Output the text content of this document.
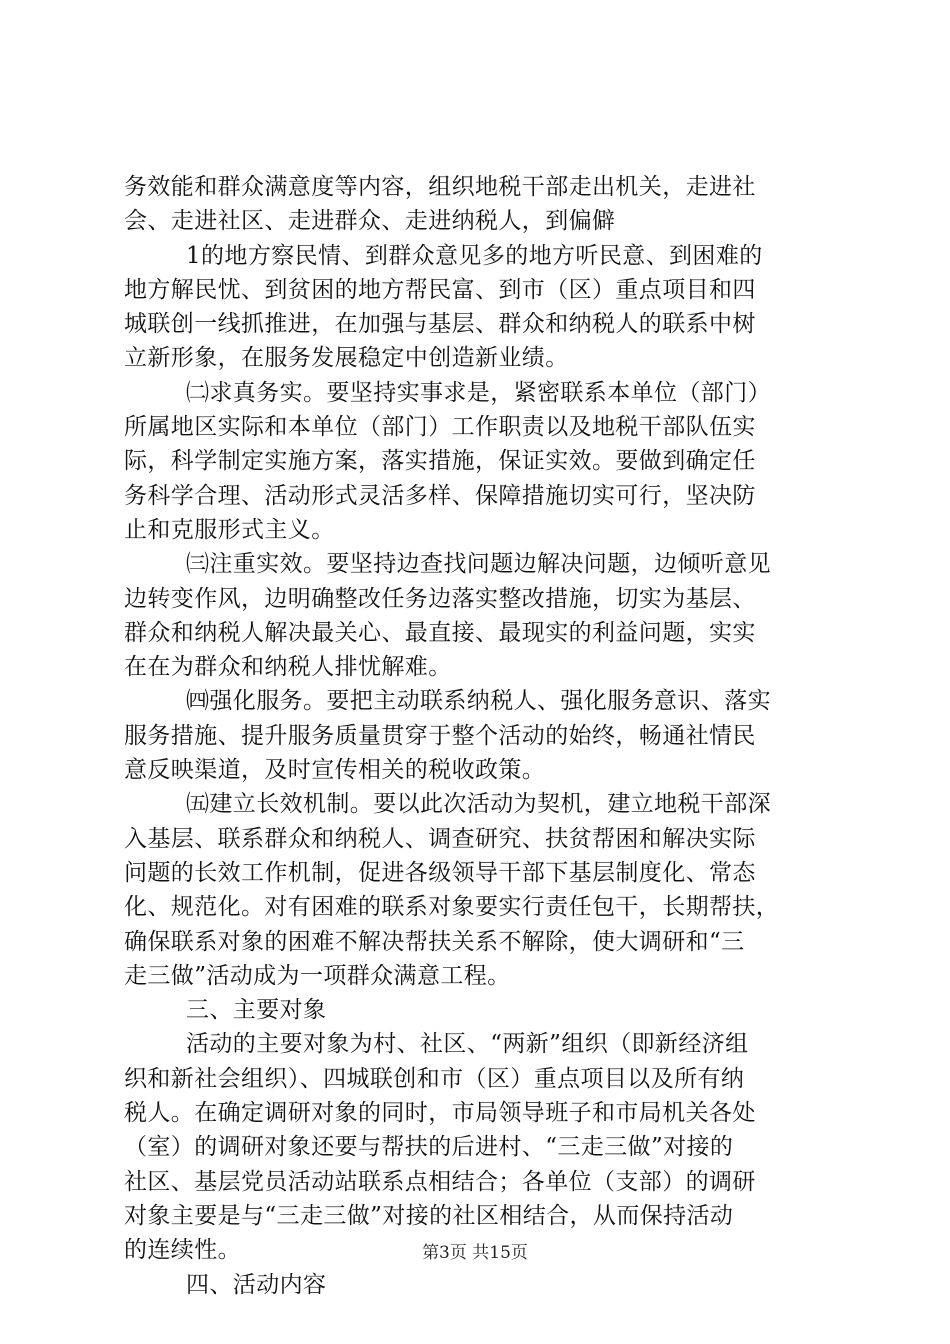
务效能和群众满意度等内容，组织地税干部走出机关，走进社
会、走进社区、走进群众、走进纳税人，到偏僻
1的地方察民情、到群众意见多的地方听民意、到困难的
地方解民忧、到贫困的地方帮民富、到市（区）重点项目和四
城联创一线抓推进，在加强与基层、群众和纳税人的联系中树
立新形象，在服务发展稳定中创造新业绩。
㈡求真务实。要坚持实事求是，紧密联系本单位（部门）
所属地区实际和本单位（部门）工作职责以及地税干部队伍实
际，科学制定实施方案，落实措施，保证实效。要做到确定任
务科学合理、活动形式灵活多样、保障措施切实可行，坚决防
止和克服形式主义。
㈢注重实效。要坚持边查找问题边解决问题，边倾听意见
边转变作风，边明确整改任务边落实整改措施，切实为基层、
群众和纳税人解决最关心、最直接、最现实的利益问题，实实
在在为群众和纳税人排忧解难。
㈣强化服务。要把主动联系纳税人、强化服务意识、落实
服务措施、提升服务质量贯穿于整个活动的始终，畅通社情民
意反映渠道，及时宣传相关的税收政策。
㈤建立长效机制。要以此次活动为契机，建立地税干部深
入基层、联系群众和纳税人、调查研究、扶贫帮困和解决实际
问题的长效工作机制，促进各级领导干部下基层制度化、常态
化、规范化。对有困难的联系对象要实行责任包干，长期帮扶，
确保联系对象的困难不解决帮扶关系不解除，使大调研和“三
走三做”活动成为一项群众满意工程。
三、主要对象
活动的主要对象为村、社区、“两新”组织（即新经济组
织和新社会组织）、四城联创和市（区）重点项目以及所有纳
税人。在确定调研对象的同时，市局领导班子和市局机关各处
（室）的调研对象还要与帮扶的后进村、“三走三做”对接的
社区、基层党员活动站联系点相结合；各单位（支部）的调研
对象主要是与“三走三做”对接的社区相结合，从而保持活动
的连续性。
四、活动内容
第3页 共15页
